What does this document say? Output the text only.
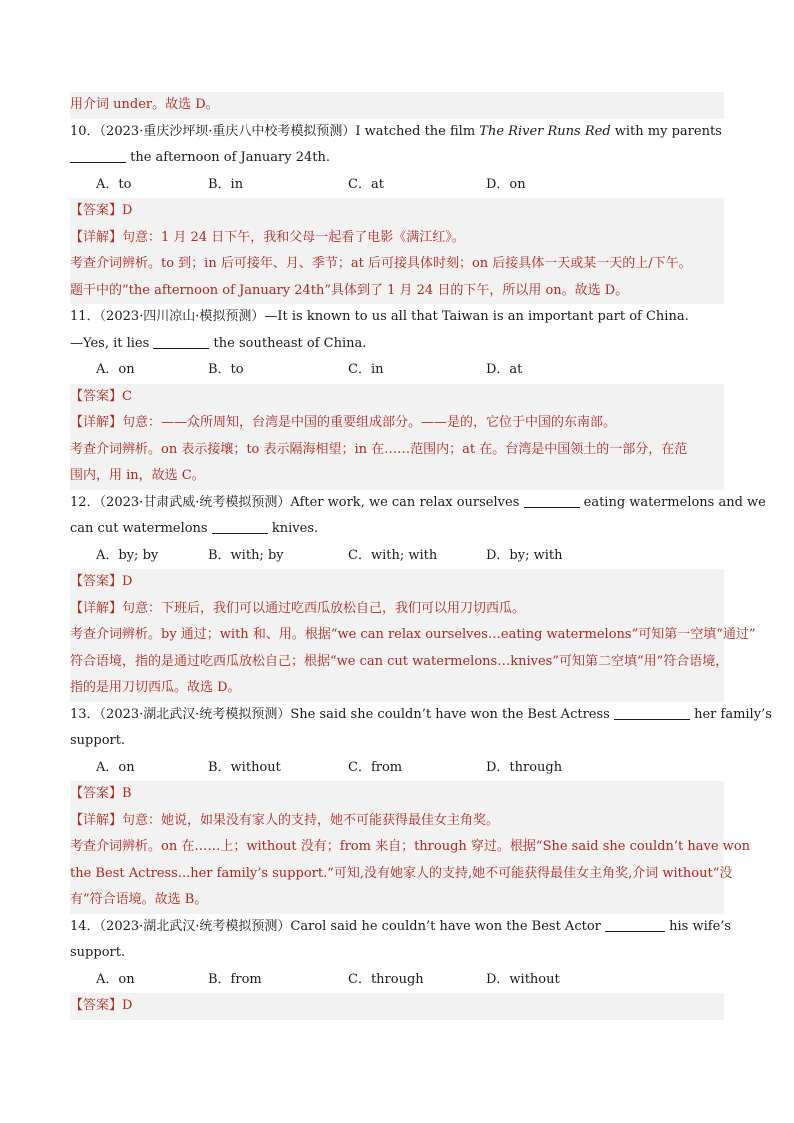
用介词 under。故选 D。
10．（2023·重庆沙坪坝·重庆八中校考模拟预测）I watched the film The River Runs Red with my parents
the afternoon of January 24th.
A．to	B．in	C．at	D．on
【答案】D
【详解】句意：1 月 24 日下午，我和父母一起看了电影《满江红》。
考查介词辨析。to 到；in 后可接年、月、季节；at 后可接具体时刻；on 后接具体一天或某一天的上/下午。
题干中的“the afternoon of January 24th”具体到了 1 月 24 日的下午，所以用 on。故选 D。
11．（2023·四川凉山·模拟预测）—It is known to us all that Taiwan is an important part of China.
—Yes, it lies	the southeast of China.
A．on	B．to	C．in	D．at
【答案】C
【详解】句意：——众所周知，台湾是中国的重要组成部分。——是的，它位于中国的东南部。
考查介词辨析。on 表示接壤；to 表示隔海相望；in 在……范围内；at 在。台湾是中国领土的一部分，在范
围内，用 in，故选 C。
12．（2023·甘肃武威·统考模拟预测）After work, we can relax ourselves	eating watermelons and we
can cut watermelons	knives.
A．by; by	B．with; by	C．with; with	D．by; with
【答案】D
【详解】句意：下班后，我们可以通过吃西瓜放松自己，我们可以用刀切西瓜。
考查介词辨析。by 通过；with 和、用。根据“we can relax ourselves…eating watermelons”可知第一空填“通过”
符合语境，指的是通过吃西瓜放松自己；根据“we can cut watermelons…knives”可知第二空填“用”符合语境，
指的是用刀切西瓜。故选 D。
13．（2023·湖北武汉·统考模拟预测）She said she couldn’t have won the Best Actress	her family’s
support.
A．on	B．without	C．from	D．through
【答案】B
【详解】句意：她说，如果没有家人的支持，她不可能获得最佳女主角奖。
考查介词辨析。on 在……上；without 没有；from 来自；through 穿过。根据“She said she couldn’t have won
the Best Actress...her family’s support.”可知,没有她家人的支持,她不可能获得最佳女主角奖,介词 without“没
有”符合语境。故选 B。
14．（2023·湖北武汉·统考模拟预测）Carol said he couldn’t have won the Best Actor	his wife’s
support.
A．on	B．from	C．through	D．without
【答案】D
